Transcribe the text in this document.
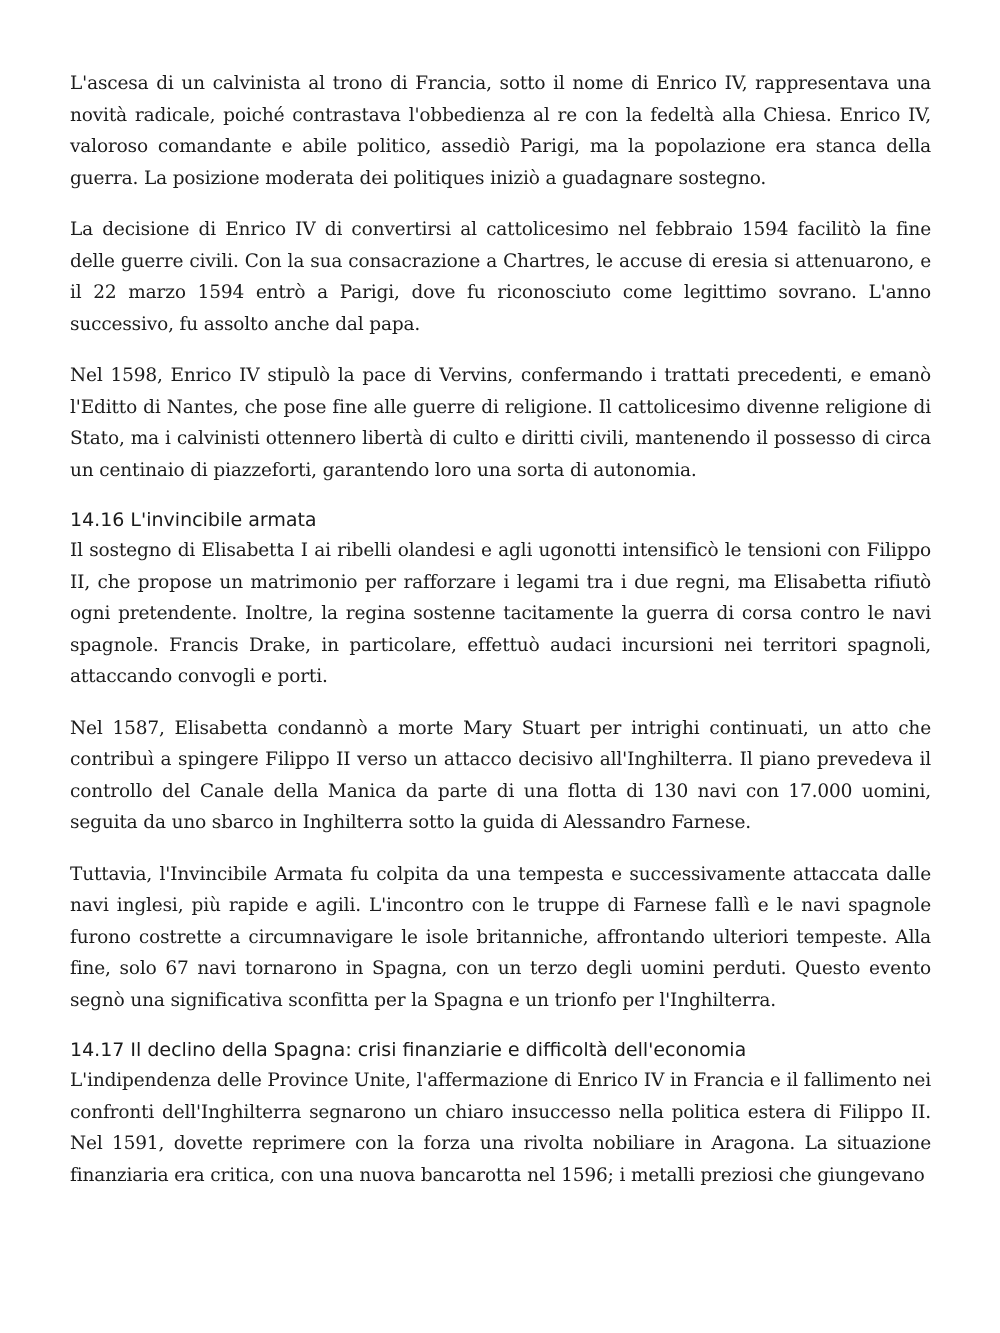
L'ascesa di un calvinista al trono di Francia, sotto il nome di Enrico IV, rappresentava una novità radicale, poiché contrastava l'obbedienza al re con la fedeltà alla Chiesa. Enrico IV, valoroso comandante e abile politico, assediò Parigi, ma la popolazione era stanca della guerra. La posizione moderata dei politiques iniziò a guadagnare sostegno.

La decisione di Enrico IV di convertirsi al cattolicesimo nel febbraio 1594 facilitò la fine delle guerre civili. Con la sua consacrazione a Chartres, le accuse di eresia si attenuarono, e il 22 marzo 1594 entrò a Parigi, dove fu riconosciuto come legittimo sovrano. L'anno successivo, fu assolto anche dal papa.

Nel 1598, Enrico IV stipulò la pace di Vervins, confermando i trattati precedenti, e emanò l'Editto di Nantes, che pose fine alle guerre di religione. Il cattolicesimo divenne religione di Stato, ma i calvinisti ottennero libertà di culto e diritti civili, mantenendo il possesso di circa un centinaio di piazzeforti, garantendo loro una sorta di autonomia.

14.16 L'invincibile armata

Il sostegno di Elisabetta I ai ribelli olandesi e agli ugonotti intensificò le tensioni con Filippo II, che propose un matrimonio per rafforzare i legami tra i due regni, ma Elisabetta rifiutò ogni pretendente. Inoltre, la regina sostenne tacitamente la guerra di corsa contro le navi spagnole. Francis Drake, in particolare, effettuò audaci incursioni nei territori spagnoli, attaccando convogli e porti.

Nel 1587, Elisabetta condannò a morte Mary Stuart per intrighi continuati, un atto che contribuì a spingere Filippo II verso un attacco decisivo all'Inghilterra. Il piano prevedeva il controllo del Canale della Manica da parte di una flotta di 130 navi con 17.000 uomini, seguita da uno sbarco in Inghilterra sotto la guida di Alessandro Farnese.

Tuttavia, l'Invincibile Armata fu colpita da una tempesta e successivamente attaccata dalle navi inglesi, più rapide e agili. L'incontro con le truppe di Farnese fallì e le navi spagnole furono costrette a circumnavigare le isole britanniche, affrontando ulteriori tempeste. Alla fine, solo 67 navi tornarono in Spagna, con un terzo degli uomini perduti. Questo evento segnò una significativa sconfitta per la Spagna e un trionfo per l'Inghilterra.

14.17 Il declino della Spagna: crisi finanziarie e difficoltà dell'economia

L'indipendenza delle Province Unite, l'affermazione di Enrico IV in Francia e il fallimento nei confronti dell'Inghilterra segnarono un chiaro insuccesso nella politica estera di Filippo II. Nel 1591, dovette reprimere con la forza una rivolta nobiliare in Aragona. La situazione finanziaria era critica, con una nuova bancarotta nel 1596; i metalli preziosi che giungevano
